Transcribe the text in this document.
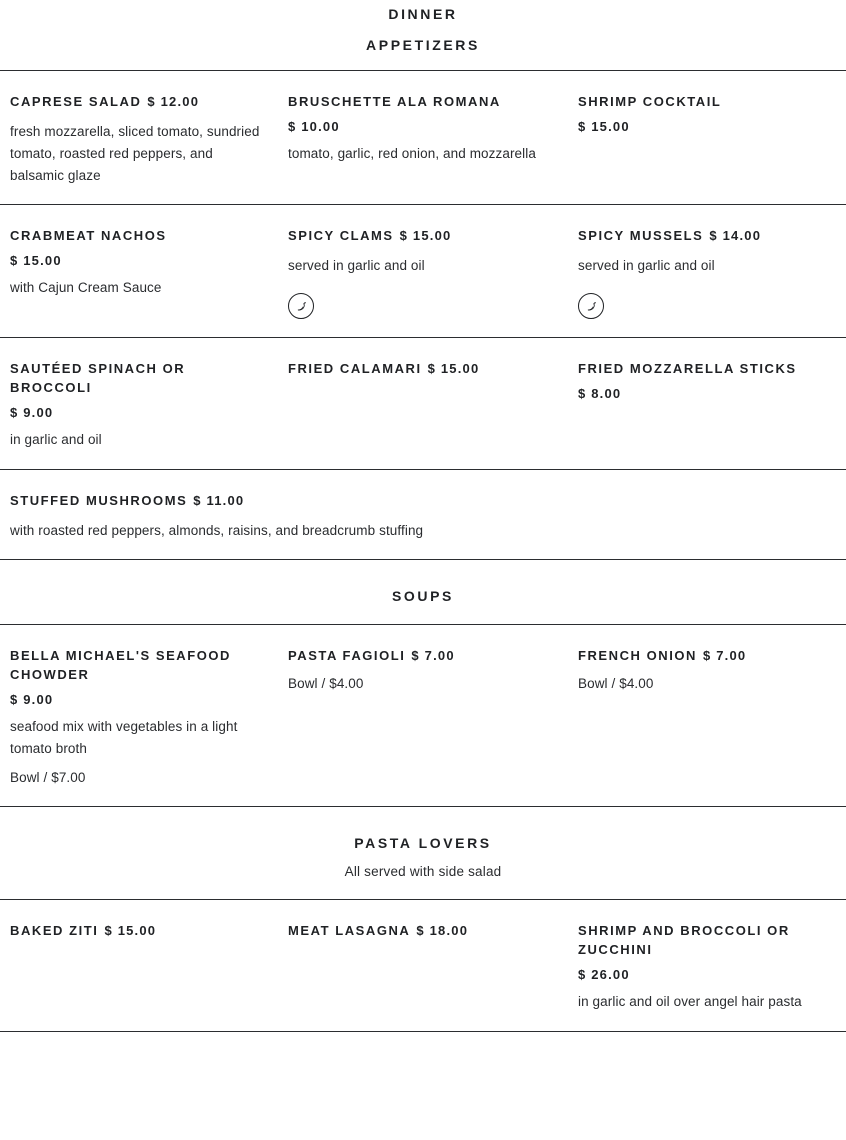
DINNER
APPETIZERS
CAPRESE SALAD $ 12.00
fresh mozzarella, sliced tomato, sundried tomato, roasted red peppers, and balsamic glaze
BRUSCHETTE ALA ROMANA
$ 10.00
tomato, garlic, red onion, and mozzarella
SHRIMP COCKTAIL
$ 15.00
CRABMEAT NACHOS
$ 15.00
with Cajun Cream Sauce
SPICY CLAMS $ 15.00
served in garlic and oil
SPICY MUSSELS $ 14.00
served in garlic and oil
SAUTÉED SPINACH OR BROCCOLI
$ 9.00
in garlic and oil
FRIED CALAMARI $ 15.00	FRIED MOZZARELLA STICKS
$ 8.00
STUFFED MUSHROOMS $ 11.00
with roasted red peppers, almonds, raisins, and breadcrumb stuffing
SOUPS
BELLA MICHAEL'S SEAFOOD CHOWDER
$ 9.00
seafood mix with vegetables in a light tomato broth
Bowl / $7.00
PASTA FAGIOLI $ 7.00
Bowl / $4.00
FRENCH ONION $ 7.00
Bowl / $4.00
PASTA LOVERS
All served with side salad
BAKED ZITI $ 15.00	MEAT LASAGNA $ 18.00	SHRIMP AND BROCCOLI OR ZUCCHINI
$ 26.00
in garlic and oil over angel hair pasta
